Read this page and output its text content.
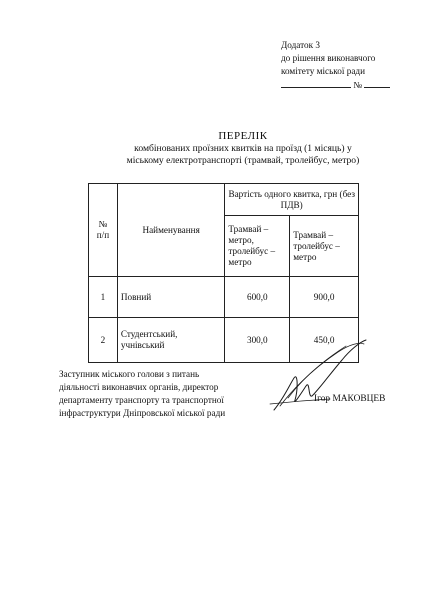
Додаток 3
до рішення виконавчого
комітету міської ради
№
ПЕРЕЛІК
комбінованих проїзних квитків на проїзд (1 місяць) у
міському електротранспорті (трамвай, тролейбус, метро)
№
п/п	Найменування	Вартість одного квитка, грн (без ПДВ)	
		Трамвай – метро, тролейбус – метро	Трамвай – тролейбус – метро
1	Повний	600,0	900,0
2	Студентський, учнівський	300,0	450,0
Заступник міського голови з питань
діяльності виконавчих органів, директор
департаменту транспорту та транспортної
інфраструктури Дніпровської міської ради
Ігор МАКОВЦЕВ
